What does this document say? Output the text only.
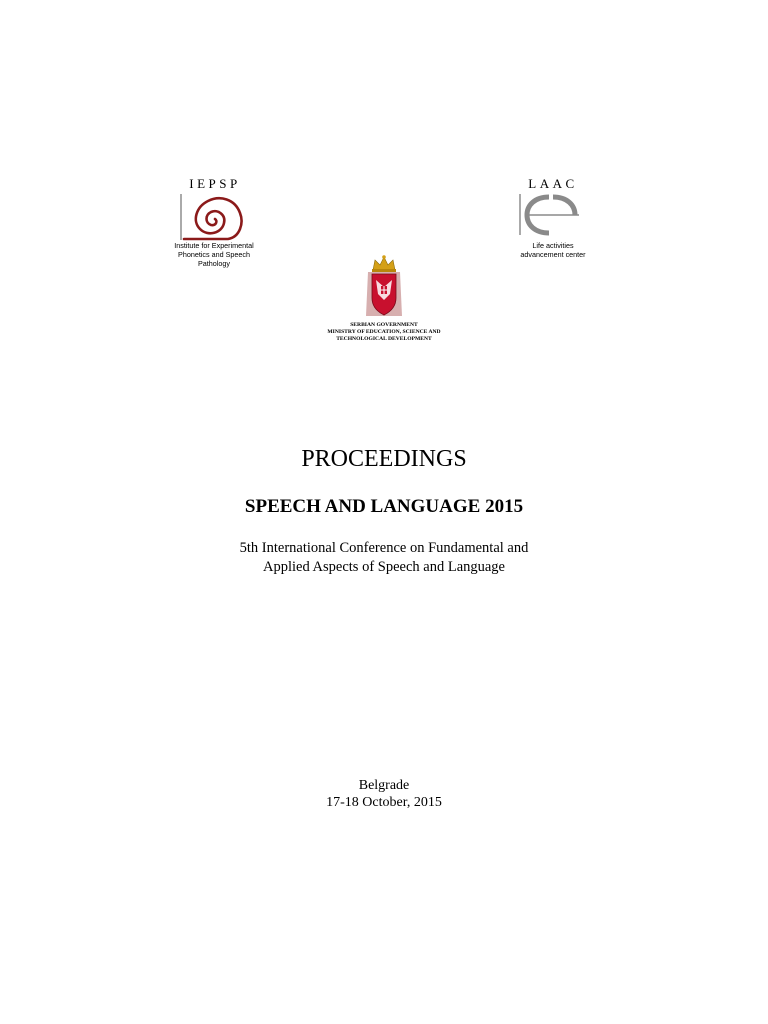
IEPSP
Institute for Experimental
Phonetics and Speech
Pathology
LAAC
Life activities
advancement center
SERBIAN GOVERNMENT
MINISTRY OF EDUCATION, SCIENCE AND
TECHNOLOGICAL DEVELOPMENT
PROCEEDINGS
SPEECH AND LANGUAGE 2015
5th International Conference on Fundamental and
Applied Aspects of Speech and Language
Belgrade
17-18 October, 2015
